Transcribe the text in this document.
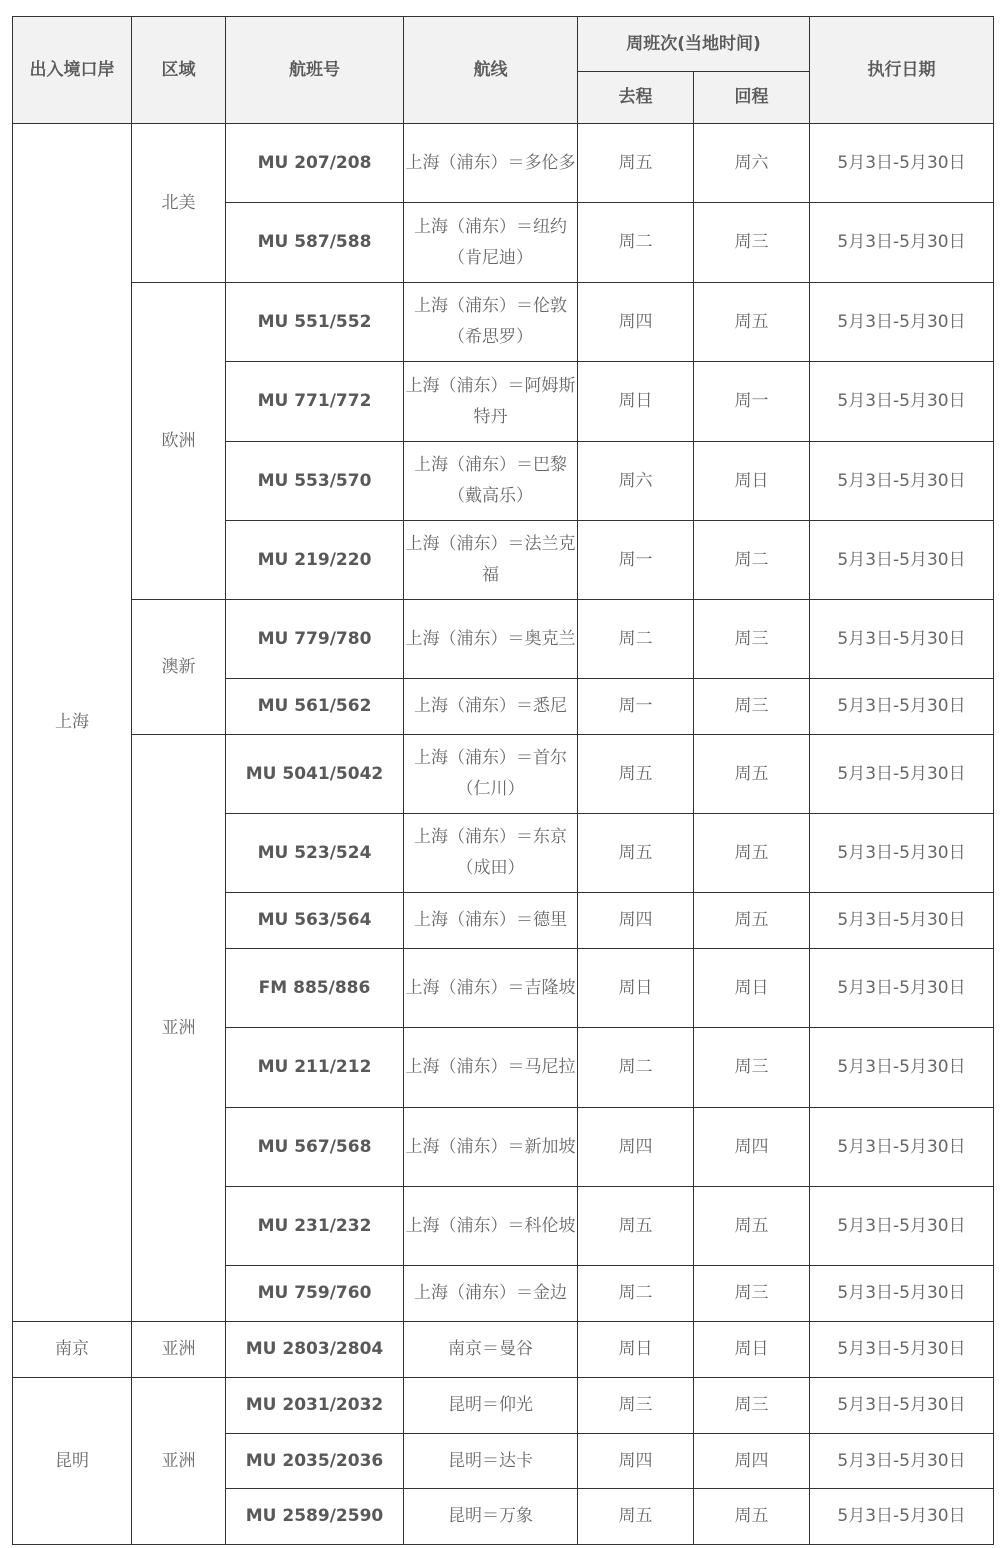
出入境口岸	区域	航班号	航线	周班次(当地时间)		执行日期
				去程	回程	
上海	北美	MU 207/208	上海（浦东）＝多伦多	周五	周六	5月3日-5月30日
		MU 587/588	上海（浦东）＝纽约（肯尼迪）	周二	周三	5月3日-5月30日
	欧洲	MU 551/552	上海（浦东）＝伦敦（希思罗）	周四	周五	5月3日-5月30日
		MU 771/772	上海（浦东）＝阿姆斯特丹	周日	周一	5月3日-5月30日
		MU 553/570	上海（浦东）＝巴黎（戴高乐）	周六	周日	5月3日-5月30日
		MU 219/220	上海（浦东）＝法兰克福	周一	周二	5月3日-5月30日
	澳新	MU 779/780	上海（浦东）＝奥克兰	周二	周三	5月3日-5月30日
		MU 561/562	上海（浦东）＝悉尼	周一	周三	5月3日-5月30日
	亚洲	MU 5041/5042	上海（浦东）＝首尔（仁川）	周五	周五	5月3日-5月30日
		MU 523/524	上海（浦东）＝东京（成田）	周五	周五	5月3日-5月30日
		MU 563/564	上海（浦东）＝德里	周四	周五	5月3日-5月30日
		FM 885/886	上海（浦东）＝吉隆坡	周日	周日	5月3日-5月30日
		MU 211/212	上海（浦东）＝马尼拉	周二	周三	5月3日-5月30日
		MU 567/568	上海（浦东）＝新加坡	周四	周四	5月3日-5月30日
		MU 231/232	上海（浦东）＝科伦坡	周五	周五	5月3日-5月30日
		MU 759/760	上海（浦东）＝金边	周二	周三	5月3日-5月30日
南京	亚洲	MU 2803/2804	南京＝曼谷	周日	周日	5月3日-5月30日
昆明	亚洲	MU 2031/2032	昆明＝仰光	周三	周三	5月3日-5月30日
		MU 2035/2036	昆明＝达卡	周四	周四	5月3日-5月30日
		MU 2589/2590	昆明＝万象	周五	周五	5月3日-5月30日
